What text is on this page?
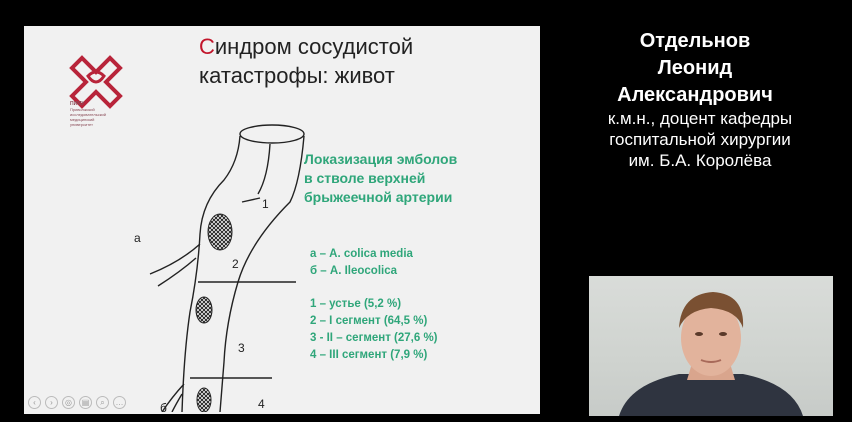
ПИМУ
Приволжский
исследовательский
медицинский
университет
Синдром сосудистой
катастрофы: живот
а
б
1
2
3
4
Локазизация эмболов
в стволе верхней
брыжеечной артерии
а – A. colica media
б – A. Ileocolica
1 – устье (5,2 %)
2 – I сегмент (64,5 %)
3 - II – сегмент (27,6 %)
4 – III сегмент (7,9 %)
‹	›	◎	▤	⌕	…
Отдельнов
Леонид
Александрович
к.м.н., доцент кафедры
госпитальной хирургии
им. Б.А. Королёва
